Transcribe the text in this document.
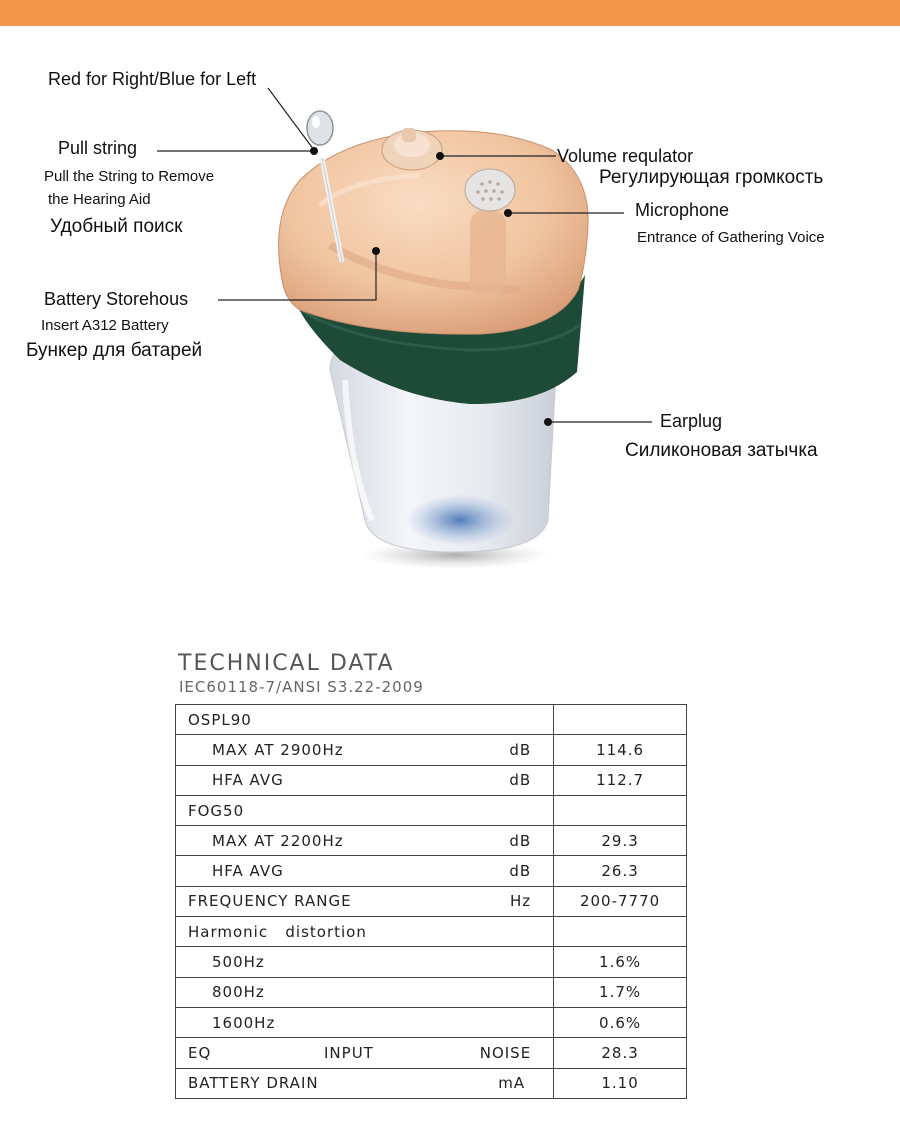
Red for Right/Blue for Left
Pull string
Pull the String to Remove
the Hearing Aid
Удобный поиск
Battery Storehous
Insert A312 Battery
Бункер для батарей
Volume requlator
Регулирующая громкость
Microphone
Entrance of Gathering Voice
Earplug
Силиконовая затычка
TECHNICAL DATA
IEC60118-7/ANSI S3.22-2009
OSPL90	

MAX AT 2900Hz dB	114.6

HFA AVG dB	112.7

FOG50	

MAX AT 2200Hz dB	29.3

HFA AVG dB	26.3

FREQUENCY RANGE Hz	200-7770

Harmonic   distortion	

500Hz	1.6%

800Hz	1.7%

1600Hz	0.6%

EQ INPUT NOISE	28.3

BATTERY DRAIN mA	1.10
